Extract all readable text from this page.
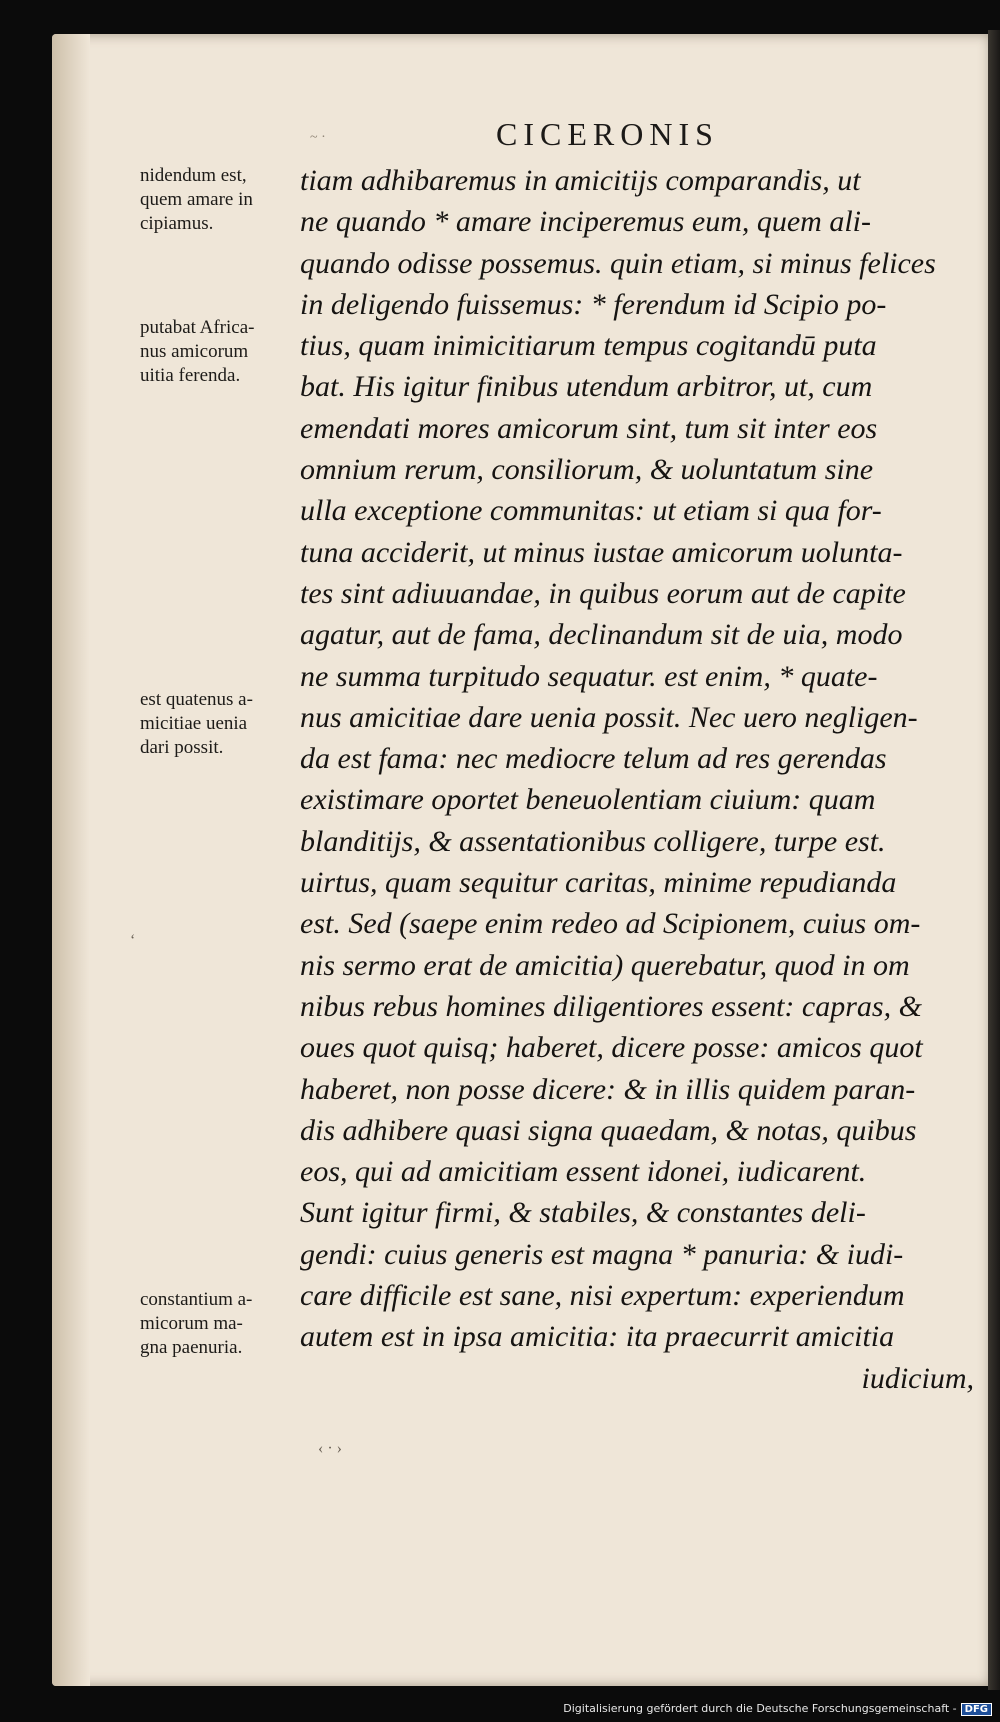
~ ·	CICERONIS
nidendum est,
quem amare in
cipiamus.
putabat Africa-
nus amicorum
uitia ferenda.
est quatenus a-
micitiae uenia
dari possit.
constantium a-
micorum ma-
gna paenuria.
ʻ
‹ · ›
tiam adhibaremus in amicitijs comparandis, ut
ne quando * amare inciperemus eum, quem ali-
quando odisse possemus. quin etiam, si minus felices
in deligendo fuissemus: * ferendum id Scipio po-
tius, quam inimicitiarum tempus cogitandū puta
bat. His igitur finibus utendum arbitror, ut, cum
emendati mores amicorum sint, tum sit inter eos
omnium rerum, consiliorum, & uoluntatum sine
ulla exceptione communitas: ut etiam si qua for-
tuna acciderit, ut minus iustae amicorum uolunta-
tes sint adiuuandae, in quibus eorum aut de capite
agatur, aut de fama, declinandum sit de uia, modo
ne summa turpitudo sequatur. est enim, * quate-
nus amicitiae dare uenia possit. Nec uero negligen-
da est fama: nec mediocre telum ad res gerendas
existimare oportet beneuolentiam ciuium: quam
blanditijs, & assentationibus colligere, turpe est.
uirtus, quam sequitur caritas, minime repudianda
est. Sed (saepe enim redeo ad Scipionem, cuius om-
nis sermo erat de amicitia) querebatur, quod in om
nibus rebus homines diligentiores essent: capras, &
oues quot quisq; haberet, dicere posse: amicos quot
haberet, non posse dicere: & in illis quidem paran-
dis adhibere quasi signa quaedam, & notas, quibus
eos, qui ad amicitiam essent idonei, iudicarent.
Sunt igitur firmi, & stabiles, & constantes deli-
gendi: cuius generis est magna * panuria: & iudi-
care difficile est sane, nisi expertum: experiendum
autem est in ipsa amicitia: ita praecurrit amicitia
iudicium,
Digitalisierung gefördert durch die Deutsche Forschungsgemeinschaft - DFG
